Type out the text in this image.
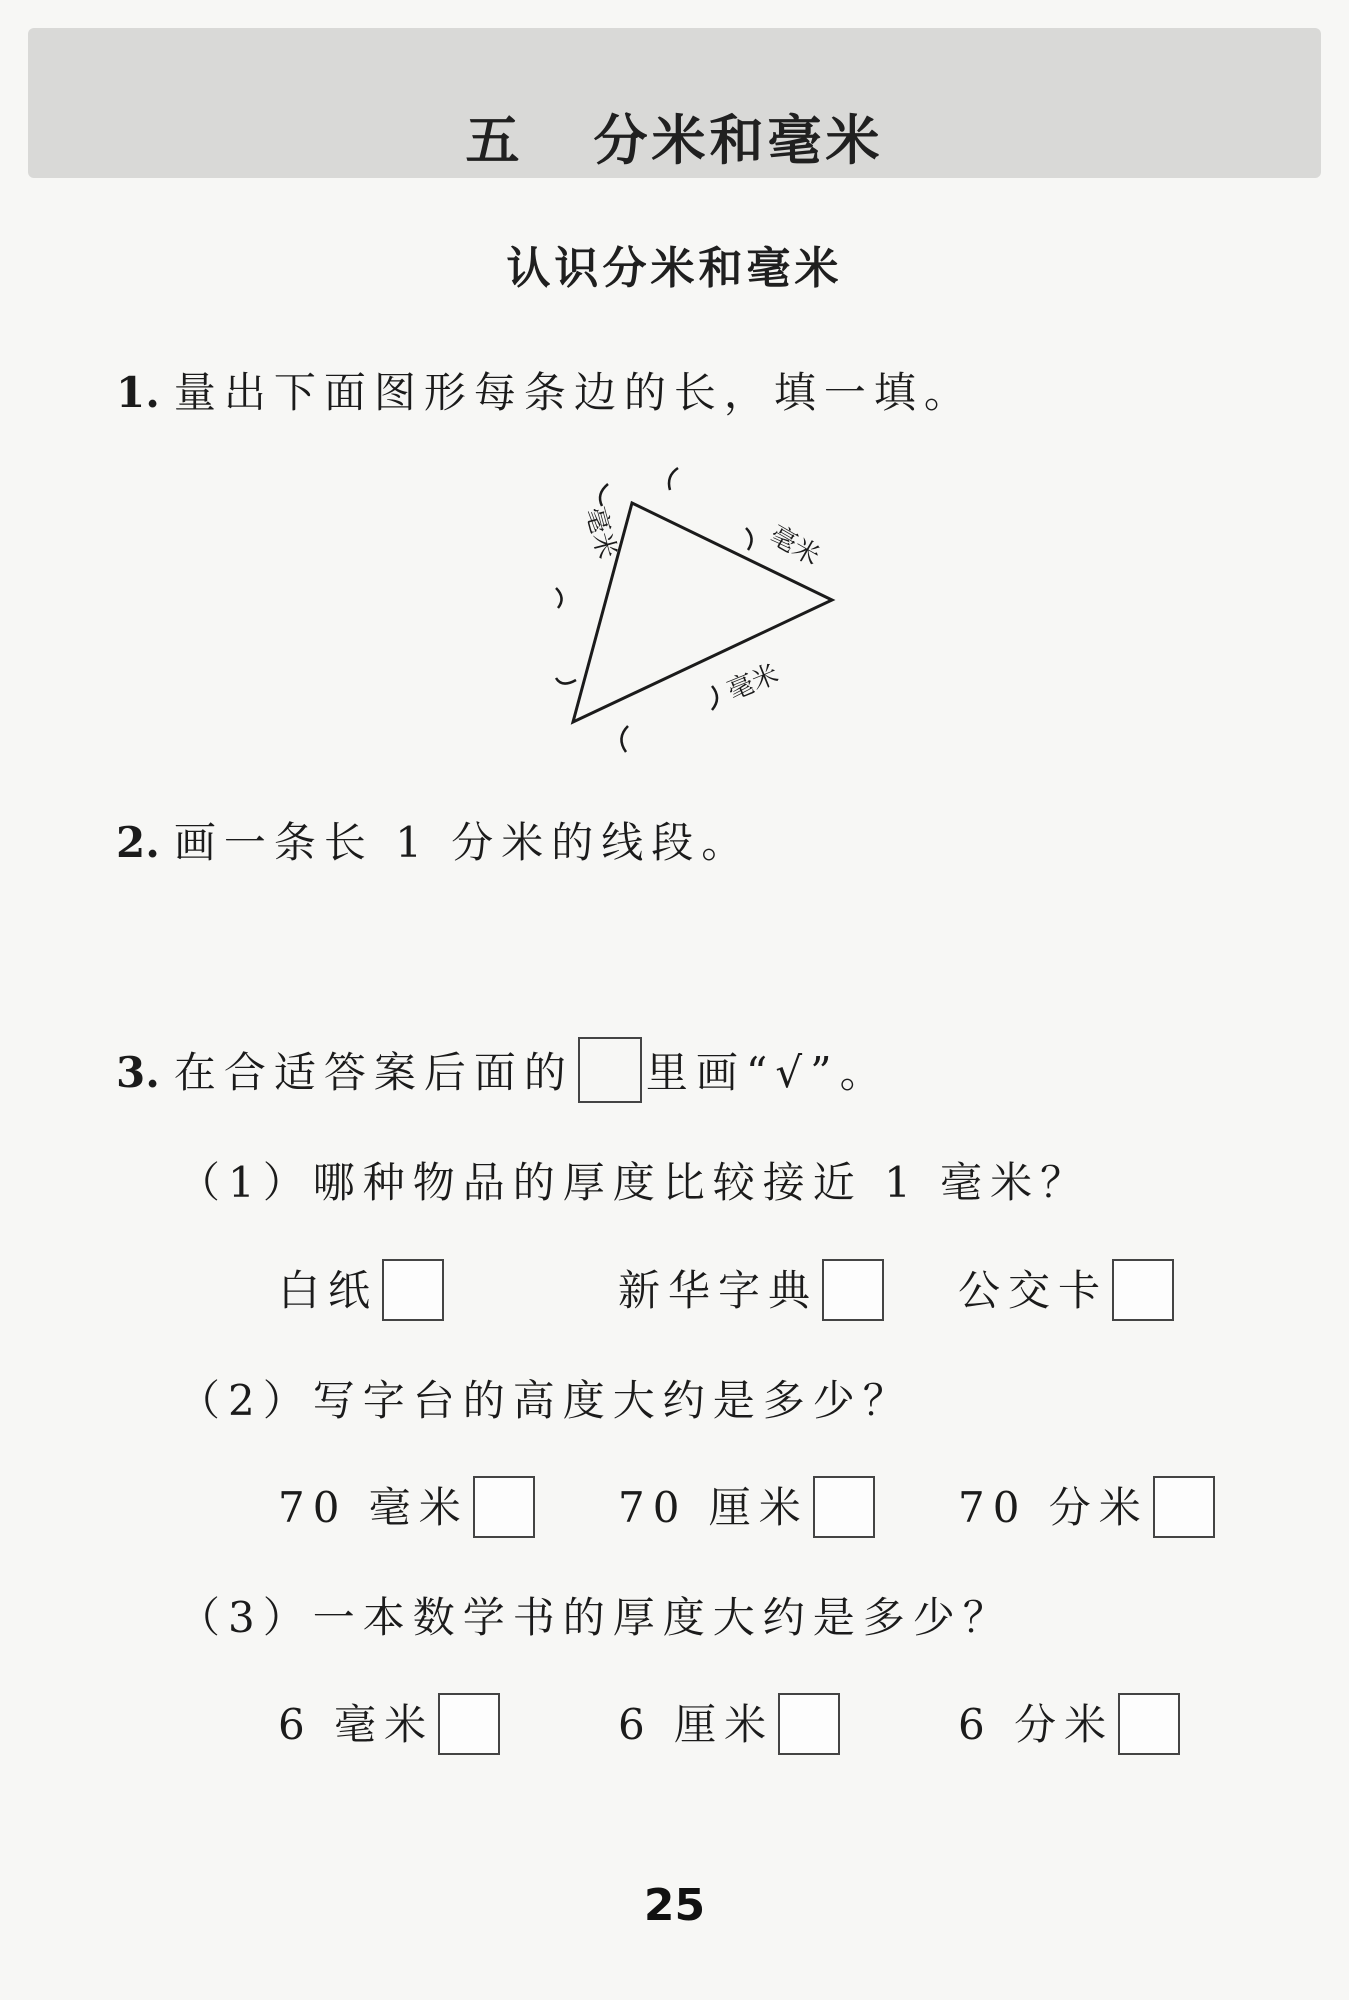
五 分米和毫米
认识分米和毫米
1. 量出下面图形每条边的长，填一填。
毫米	毫米
毫米
2. 画一条长 1 分米的线段。
3. 在合适答案后面的 里画“√”。
（1）哪种物品的厚度比较接近 1 毫米？
白纸	新华字典	公交卡
（2）写字台的高度大约是多少？
70 毫米	70 厘米	70 分米
（3）一本数学书的厚度大约是多少？
6 毫米	6 厘米	6 分米
25
